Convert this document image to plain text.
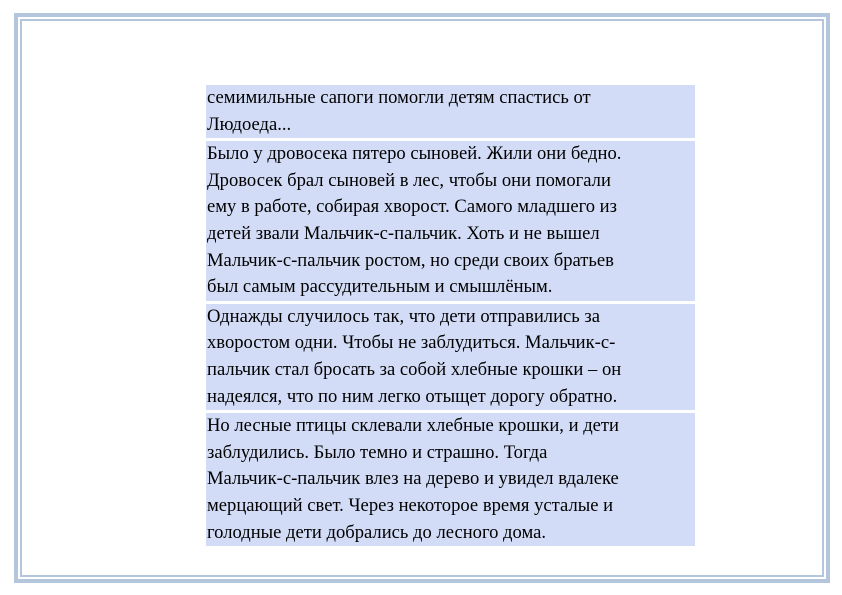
семимильные сапоги помогли детям спастись от
Людоеда...

Было у дровосека пятеро сыновей. Жили они бедно.
Дровосек брал сыновей в лес, чтобы они помогали
ему в работе, собирая хворост. Самого младшего из
детей звали Мальчик-с-пальчик. Хоть и не вышел
Мальчик-с-пальчик ростом, но среди своих братьев
был самым рассудительным и смышлёным.

Однажды случилось так, что дети отправились за
хворостом одни. Чтобы не заблудиться. Мальчик-с-
пальчик стал бросать за собой хлебные крошки – он
надеялся, что по ним легко отыщет дорогу обратно.

Но лесные птицы склевали хлебные крошки, и дети
заблудились. Было темно и страшно. Тогда
Мальчик-с-пальчик влез на дерево и увидел вдалеке
мерцающий свет. Через некоторое время усталые и
голодные дети добрались до лесного дома.
